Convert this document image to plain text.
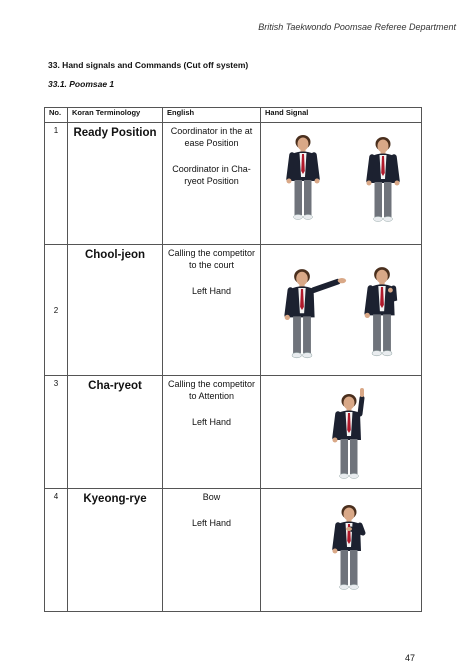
British Taekwondo Poomsae Referee Department
33. Hand signals and Commands (Cut off system)
33.1. Poomsae 1
No.	Koran Terminology	English	Hand Signal
1	Ready Position	Coordinator in the at ease Position

Coordinator in Cha-ryeot Position

2	Chool-jeon	Calling the competitor to the court

Left Hand

3	Cha-ryeot	Calling the competitor to Attention

Left Hand

4	Kyeong-rye	Bow

Left Hand

47
